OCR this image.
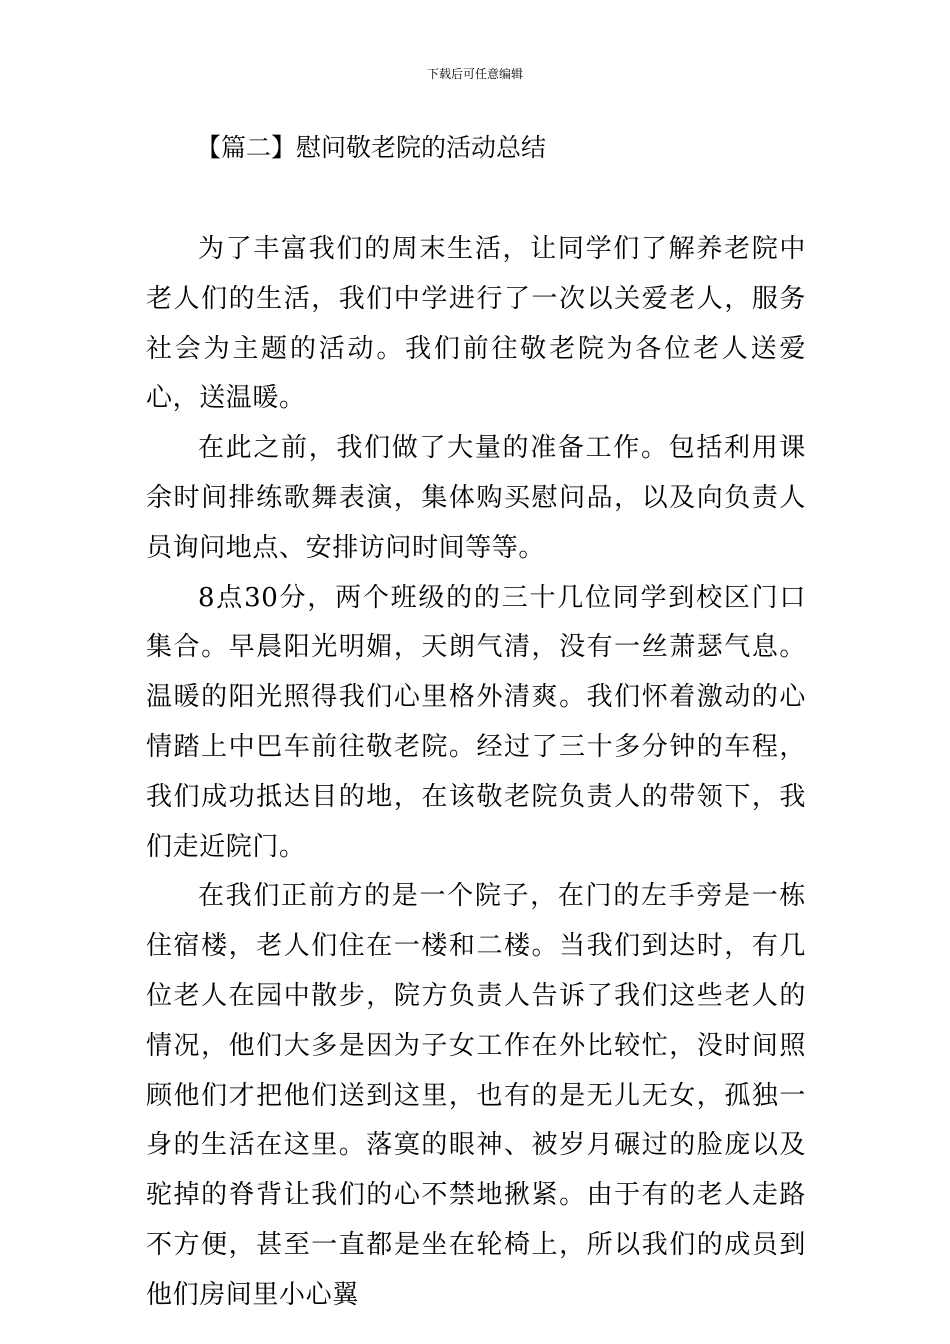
下载后可任意编辑
【篇二】慰问敬老院的活动总结

为了丰富我们的周末生活，让同学们了解养老院中老人们的生活，我们中学进行了一次以关爱老人，服务社会为主题的活动。我们前往敬老院为各位老人送爱心，送温暖。

在此之前，我们做了大量的准备工作。包括利用课余时间排练歌舞表演，集体购买慰问品，以及向负责人员询问地点、安排访问时间等等。

8点30分，两个班级的的三十几位同学到校区门口集合。早晨阳光明媚，天朗气清，没有一丝萧瑟气息。温暖的阳光照得我们心里格外清爽。我们怀着激动的心情踏上中巴车前往敬老院。经过了三十多分钟的车程，我们成功抵达目的地，在该敬老院负责人的带领下，我们走近院门。

在我们正前方的是一个院子，在门的左手旁是一栋住宿楼，老人们住在一楼和二楼。当我们到达时，有几位老人在园中散步，院方负责人告诉了我们这些老人的情况，他们大多是因为子女工作在外比较忙，没时间照顾他们才把他们送到这里，也有的是无儿无女，孤独一身的生活在这里。落寞的眼神、被岁月碾过的脸庞以及驼掉的脊背让我们的心不禁地揪紧。由于有的老人走路不方便，甚至一直都是坐在轮椅上，所以我们的成员到他们房间里小心翼
